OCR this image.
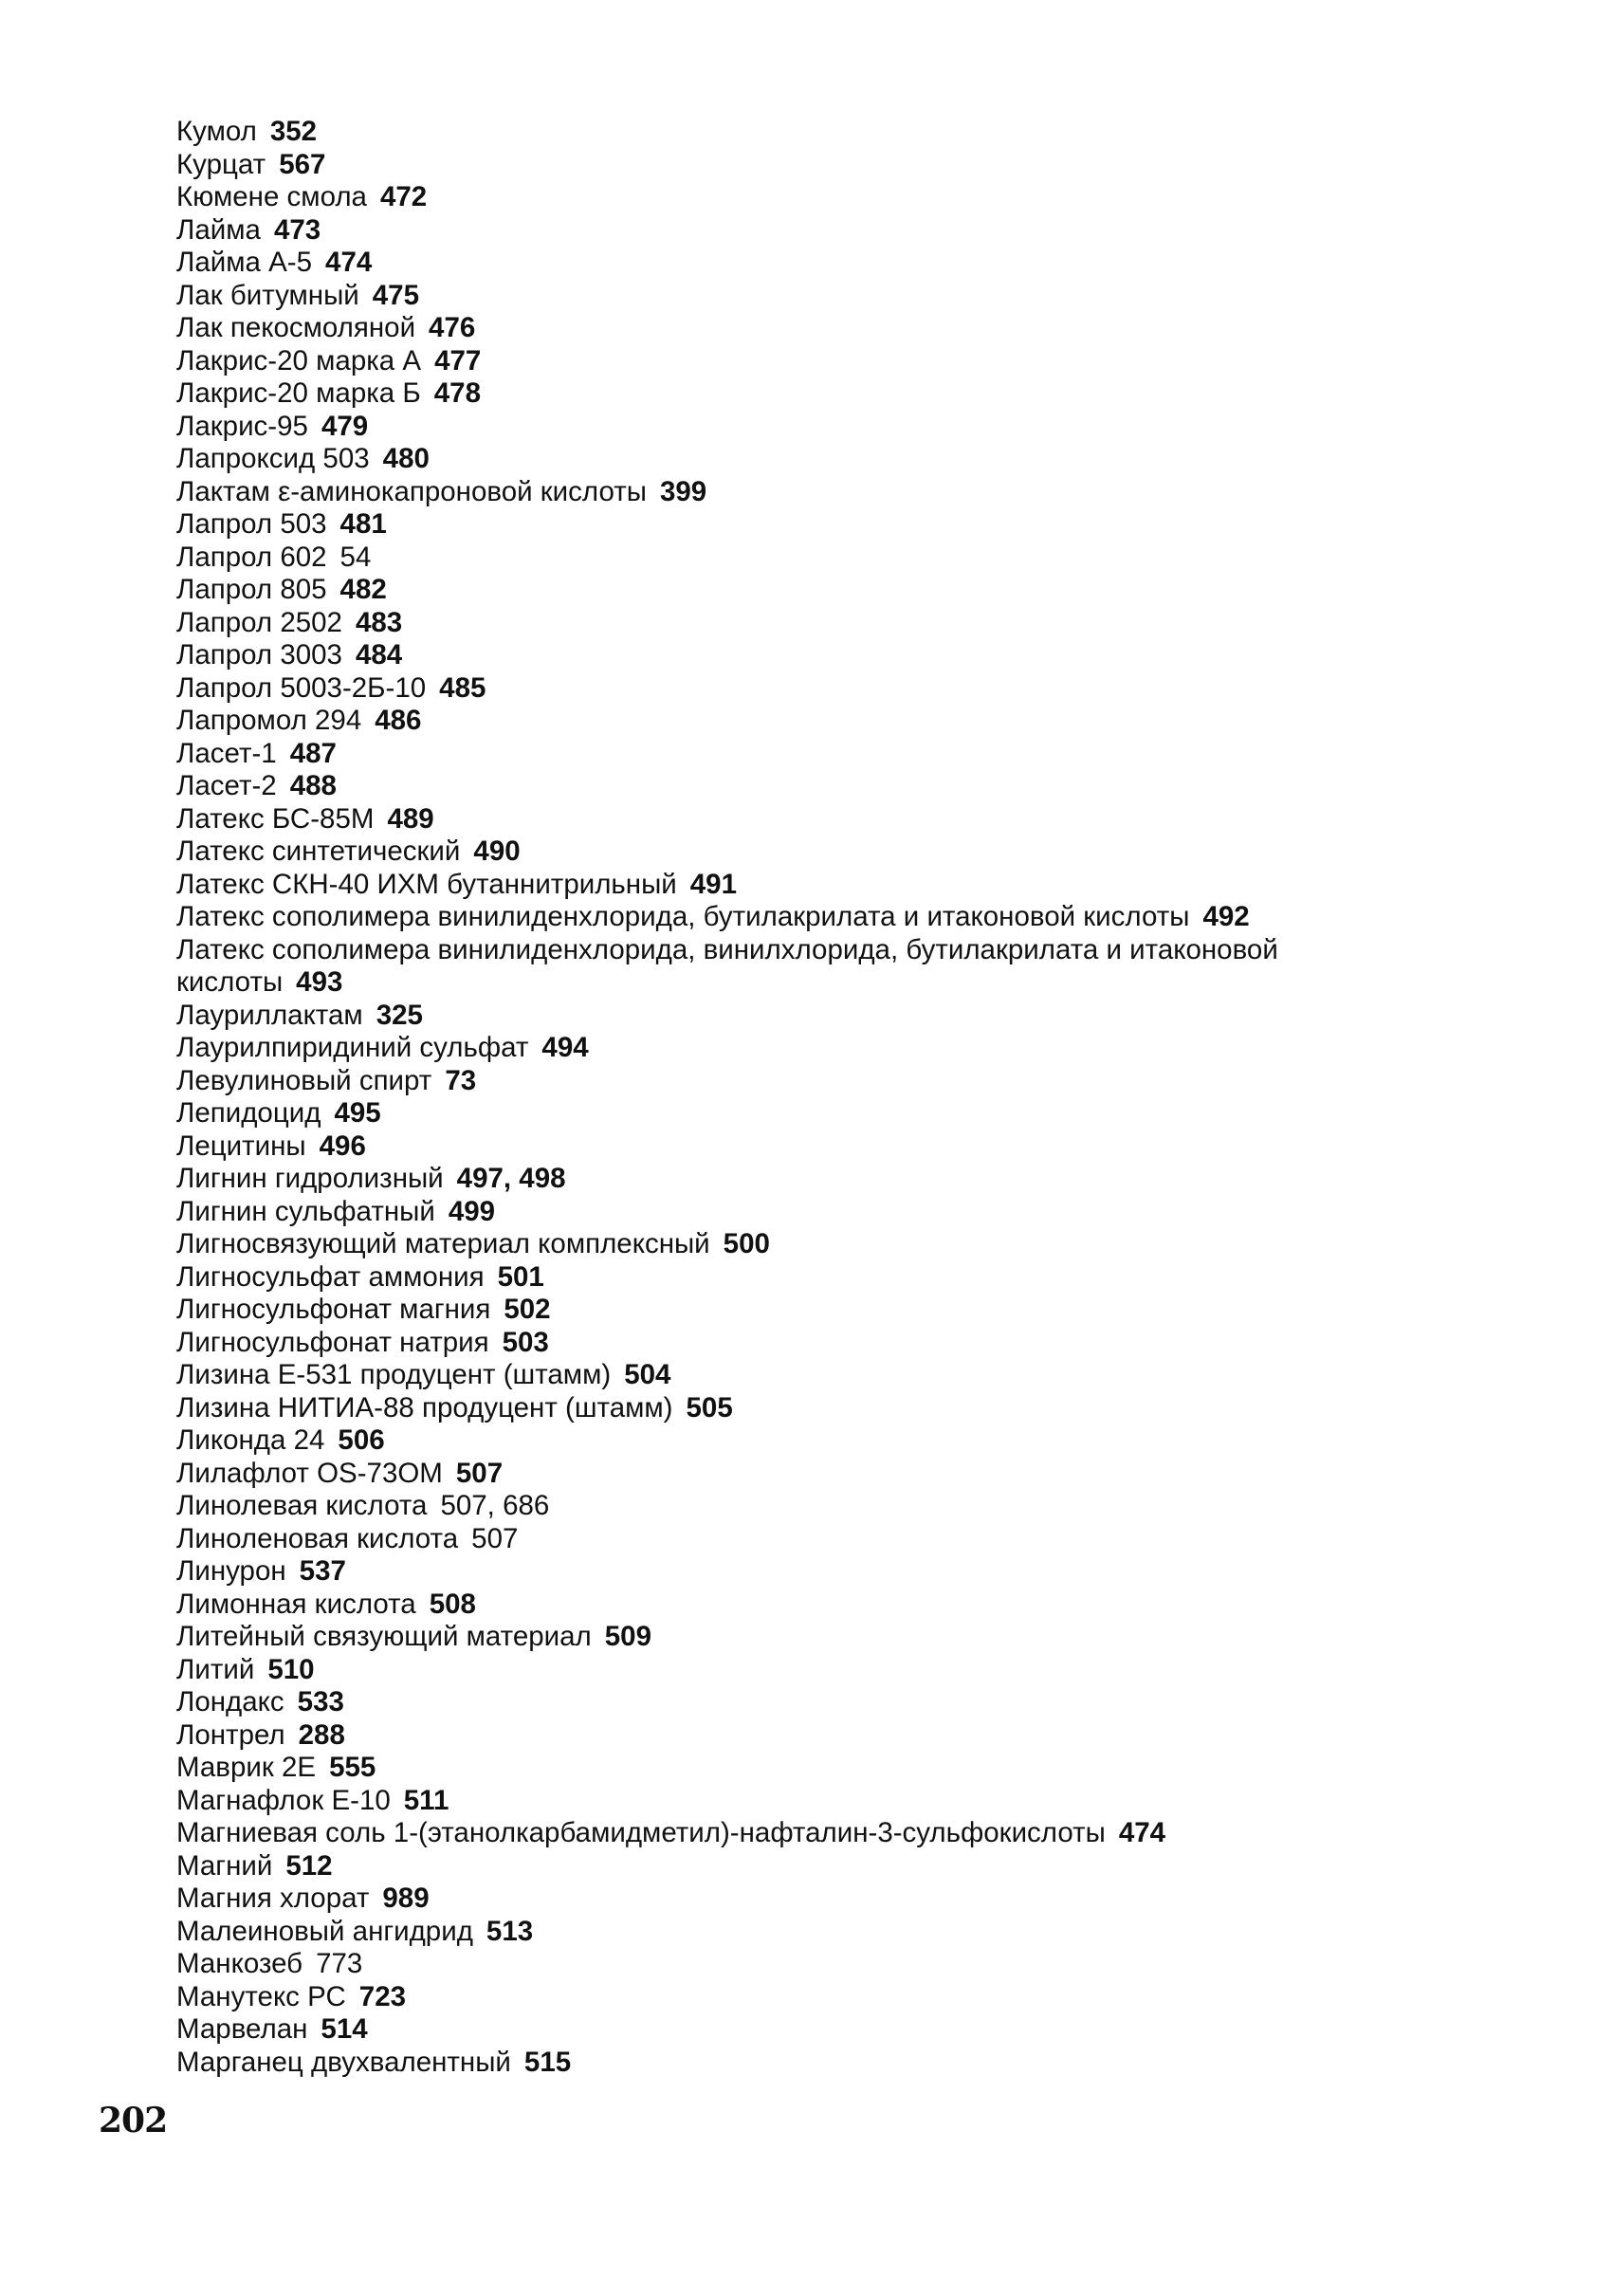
Кумол 352
Курцат 567
Кюмене смола 472
Лайма 473
Лайма А-5 474
Лак битумный 475
Лак пекосмоляной 476
Лакрис-20 марка А 477
Лакрис-20 марка Б 478
Лакрис-95 479
Лапроксид 503 480
Лактам ε-аминокапроновой кислоты 399
Лапрол 503 481
Лапрол 602 54
Лапрол 805 482
Лапрол 2502 483
Лапрол 3003 484
Лапрол 5003-2Б-10 485
Лапромол 294 486
Ласет-1 487
Ласет-2 488
Латекс БС-85М 489
Латекс синтетический 490
Латекс СКН-40 ИХМ бутаннитрильный 491
Латекс сополимера винилиденхлорида, бутилакрилата и итаконовой кислоты 492
Латекс сополимера винилиденхлорида, винилхлорида, бутилакрилата и итаконовой кислоты 493
Лауриллактам 325
Лаурилпиридиний сульфат 494
Левулиновый спирт 73
Лепидоцид 495
Лецитины 496
Лигнин гидролизный 497, 498
Лигнин сульфатный 499
Лигносвязующий материал комплексный 500
Лигносульфат аммония 501
Лигносульфонат магния 502
Лигносульфонат натрия 503
Лизина Е-531 продуцент (штамм) 504
Лизина НИТИА-88 продуцент (штамм) 505
Ликонда 24 506
Лилафлот OS-73OM 507
Линолевая кислота 507, 686
Линоленовая кислота 507
Линурон 537
Лимонная кислота 508
Литейный связующий материал 509
Литий 510
Лондакс 533
Лонтрел 288
Маврик 2Е 555
Магнафлок Е-10 511
Магниевая соль 1-(этанолкарбамидметил)-нафталин-3-сульфокислоты 474
Магний 512
Магния хлорат 989
Малеиновый ангидрид 513
Манкозеб 773
Манутекс РС 723
Марвелан 514
Марганец двухвалентный 515
202
